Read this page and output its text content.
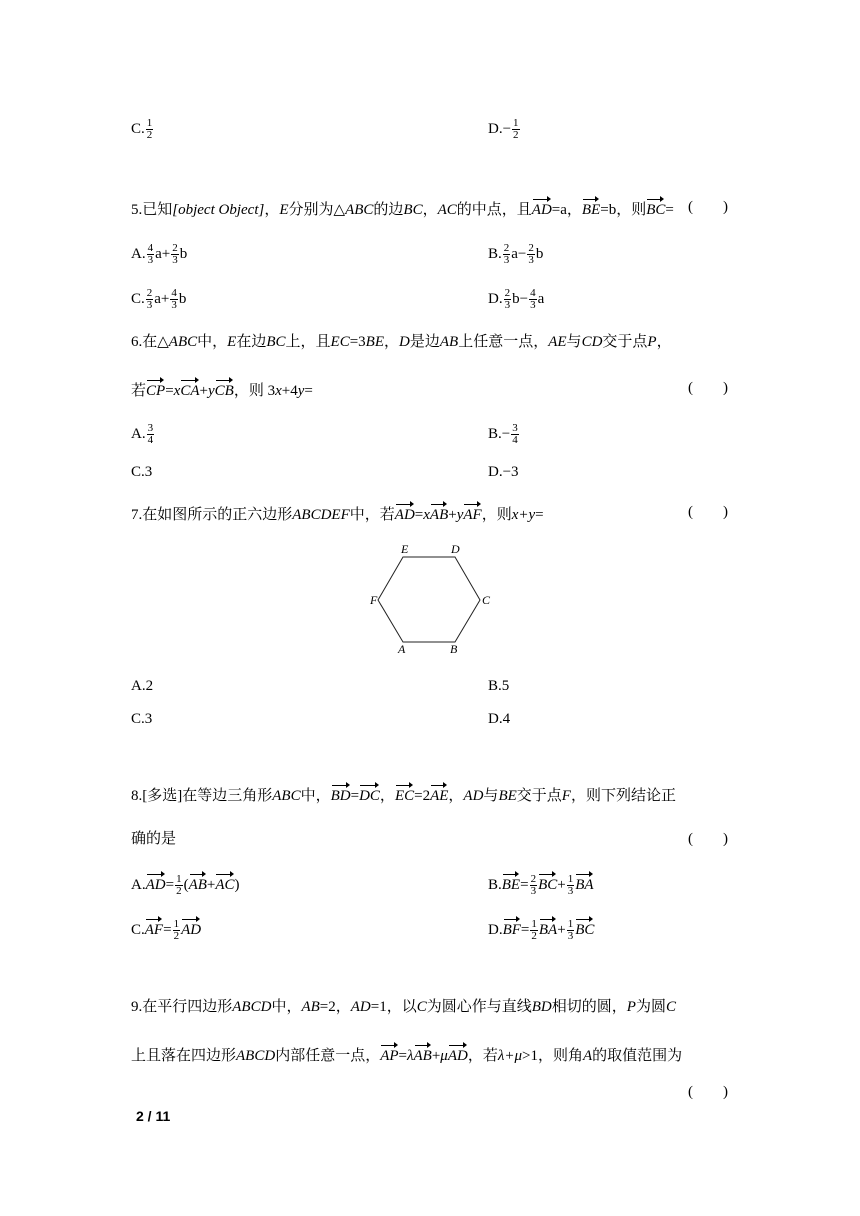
C. $\frac{1}{2}$	$D.- \frac{1}{2}$
5.已知[object Object]，E分别为△ABC的边BC，AC的中点，且AD=a，BE=b，则BC= (        )
A. $\frac{4}{3} a+ \frac{2}{3}$ b	B. $\frac{2}{3} a- \frac{2}{3}$ b
C. $\frac{2}{3} a+ \frac{4}{3}$ b	D. $\frac{2}{3} b- \frac{4}{3}$ a
6.在△ABC中，E在边BC上，且EC=3BE，D是边AB上任意一点，AE与CD交于点P，
若CP=xCA+yCB，则 3x+4y=	(        )
A. $\frac{3}{4}$	$B.- \frac{3}{4}$
C.3	D.−3
7.在如图所示的正六边形ABCDEF中，若AD=xAB+yAF，则x+y=	(        )
E	D
C
F
A	B
A.2	B.5
C.3	D.4
8.[多选]在等边三角形ABC中，BD=DC，EC=2AE，AD与BE交于点F，则下列结论正
确的是	(        )
$A.AD= \frac{1}{2} (AB+AC)$	$B.BE= \frac{2}{3} BC+ \frac{1}{3}$ BA
$C.AF= \frac{1}{2}$ AD	$D.BF= \frac{1}{2} BA+ \frac{1}{3}$ BC
9.在平行四边形ABCD中，AB=2，AD=1，以C为圆心作与直线BD相切的圆，P为圆C
上且落在四边形ABCD内部任意一点，AP=λAB+μAD，若λ+μ>1，则角A的取值范围为
(        )
2 / 11
